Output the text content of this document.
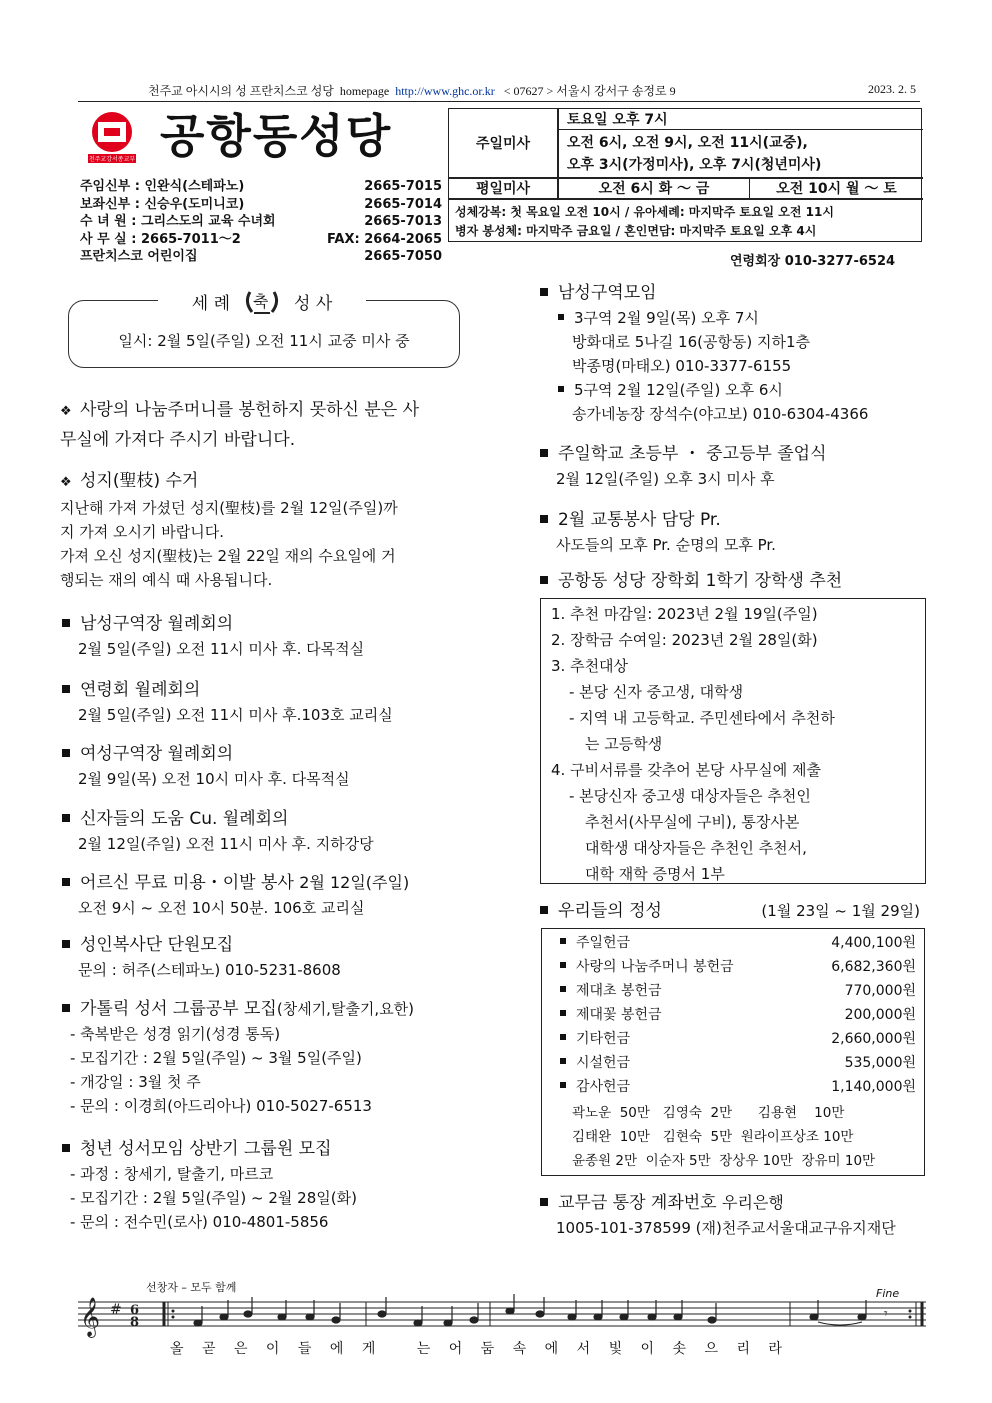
천주교 아시시의 성 프란치스코 성당 homepage http://www.ghc.or.kr < 07627 > 서울시 강서구 송정로 9	2023. 2. 5
천주교강서종교부 공항동성당
주임신부 : 인완식(스테파노)	2665-7015
보좌신부 : 신승우(도미니코)	2665-7014
수 녀 원 : 그리스도의 교육 수녀회	2665-7013
사 무 실 : 2665-7011～2	FAX: 2664-2065
프란치스코 어린이집	2665-7050
주일미사
토요일 오후 7시
오전 6시, 오전 9시, 오전 11시(교중),
오후 3시(가정미사), 오후 7시(청년미사)
평일미사	오전 6시 화 ～ 금	오전 10시 월 ～ 토
성체강복: 첫 목요일 오전 10시 / 유아세례: 마지막주 토요일 오전 11시
병자 봉성체: 마지막주 금요일 / 혼인면담: 마지막주 토요일 오후 4시
연령회장 010-3277-6524
세 례 축 성 사
일시: 2월 5일(주일) 오전 11시 교중 미사 중
❖ 사랑의 나눔주머니를 봉헌하지 못하신 분은 사
무실에 가져다 주시기 바랍니다.
❖ 성지(聖枝) 수거
지난해 가져 가셨던 성지(聖枝)를 2월 12일(주일)까
지 가져 오시기 바랍니다.
가져 오신 성지(聖枝)는 2월 22일 재의 수요일에 거
행되는 재의 예식 때 사용됩니다.
남성구역장 월례회의
2월 5일(주일) 오전 11시 미사 후. 다목적실
연령회 월례회의
2월 5일(주일) 오전 11시 미사 후.103호 교리실
여성구역장 월례회의
2월 9일(목) 오전 10시 미사 후. 다목적실
신자들의 도움 Cu. 월례회의
2월 12일(주일) 오전 11시 미사 후. 지하강당
어르신 무료 미용・이발 봉사 2월 12일(주일)
오전 9시 ~ 오전 10시 50분. 106호 교리실
성인복사단 단원모집
문의 : 허주(스테파노) 010-5231-8608
가톨릭 성서 그룹공부 모집(창세기,탈출기,요한)
- 축복받은 성경 읽기(성경 통독)
- 모집기간 : 2월 5일(주일) ~ 3월 5일(주일)
- 개강일 : 3월 첫 주
- 문의 : 이경희(아드리아나) 010-5027-6513
청년 성서모임 상반기 그룹원 모집
- 과정 : 창세기, 탈출기, 마르코
- 모집기간 : 2월 5일(주일) ~ 2월 28일(화)
- 문의 : 전수민(로사) 010-4801-5856
남성구역모임
3구역 2월 9일(목) 오후 7시
방화대로 5나길 16(공항동) 지하1층
박종명(마태오) 010-3377-6155
5구역 2월 12일(주일) 오후 6시
송가네농장 장석수(야고보) 010-6304-4366
주일학교 초등부 ・ 중고등부 졸업식
2월 12일(주일) 오후 3시 미사 후
2월 교통봉사 담당 Pr.
사도들의 모후 Pr. 순명의 모후 Pr.
공항동 성당 장학회 1학기 장학생 추천
1. 추천 마감일: 2023년 2월 19일(주일)
2. 장학금 수여일: 2023년 2월 28일(화)
3. 추천대상
- 본당 신자 중고생, 대학생
- 지역 내 고등학교. 주민센타에서 추천하
는 고등학생
4. 구비서류를 갖추어 본당 사무실에 제출
- 본당신자 중고생 대상자들은 추천인
추천서(사무실에 구비), 통장사본
대학생 대상자들은 추천인 추천서,
대학 재학 증명서 1부
우리들의 정성	(1월 23일 ~ 1월 29일)
주일헌금	4,400,100원
사랑의 나눔주머니 봉헌금	6,682,360원
제대초 봉헌금	770,000원
제대꽃 봉헌금	200,000원
기타헌금	2,660,000원
시설헌금	535,000원
감사헌금	1,140,000원
곽노운  50만   김영숙  2만      김용현    10만
김태완  10만   김현숙  5만  원라이프상조 10만
윤종원 2만  이순자 5만  장상우 10만  장유미 10만
교무금 통장 계좌번호 우리은행
1005-101-378599 (재)천주교서울대교구유지재단
선창자 – 모두 함께	Fine
𝄞 # 6
8
𝄾
올 곧 은 이 들 에 게   는 어 둠 속 에 서 빛 이 솟 으 리 라
